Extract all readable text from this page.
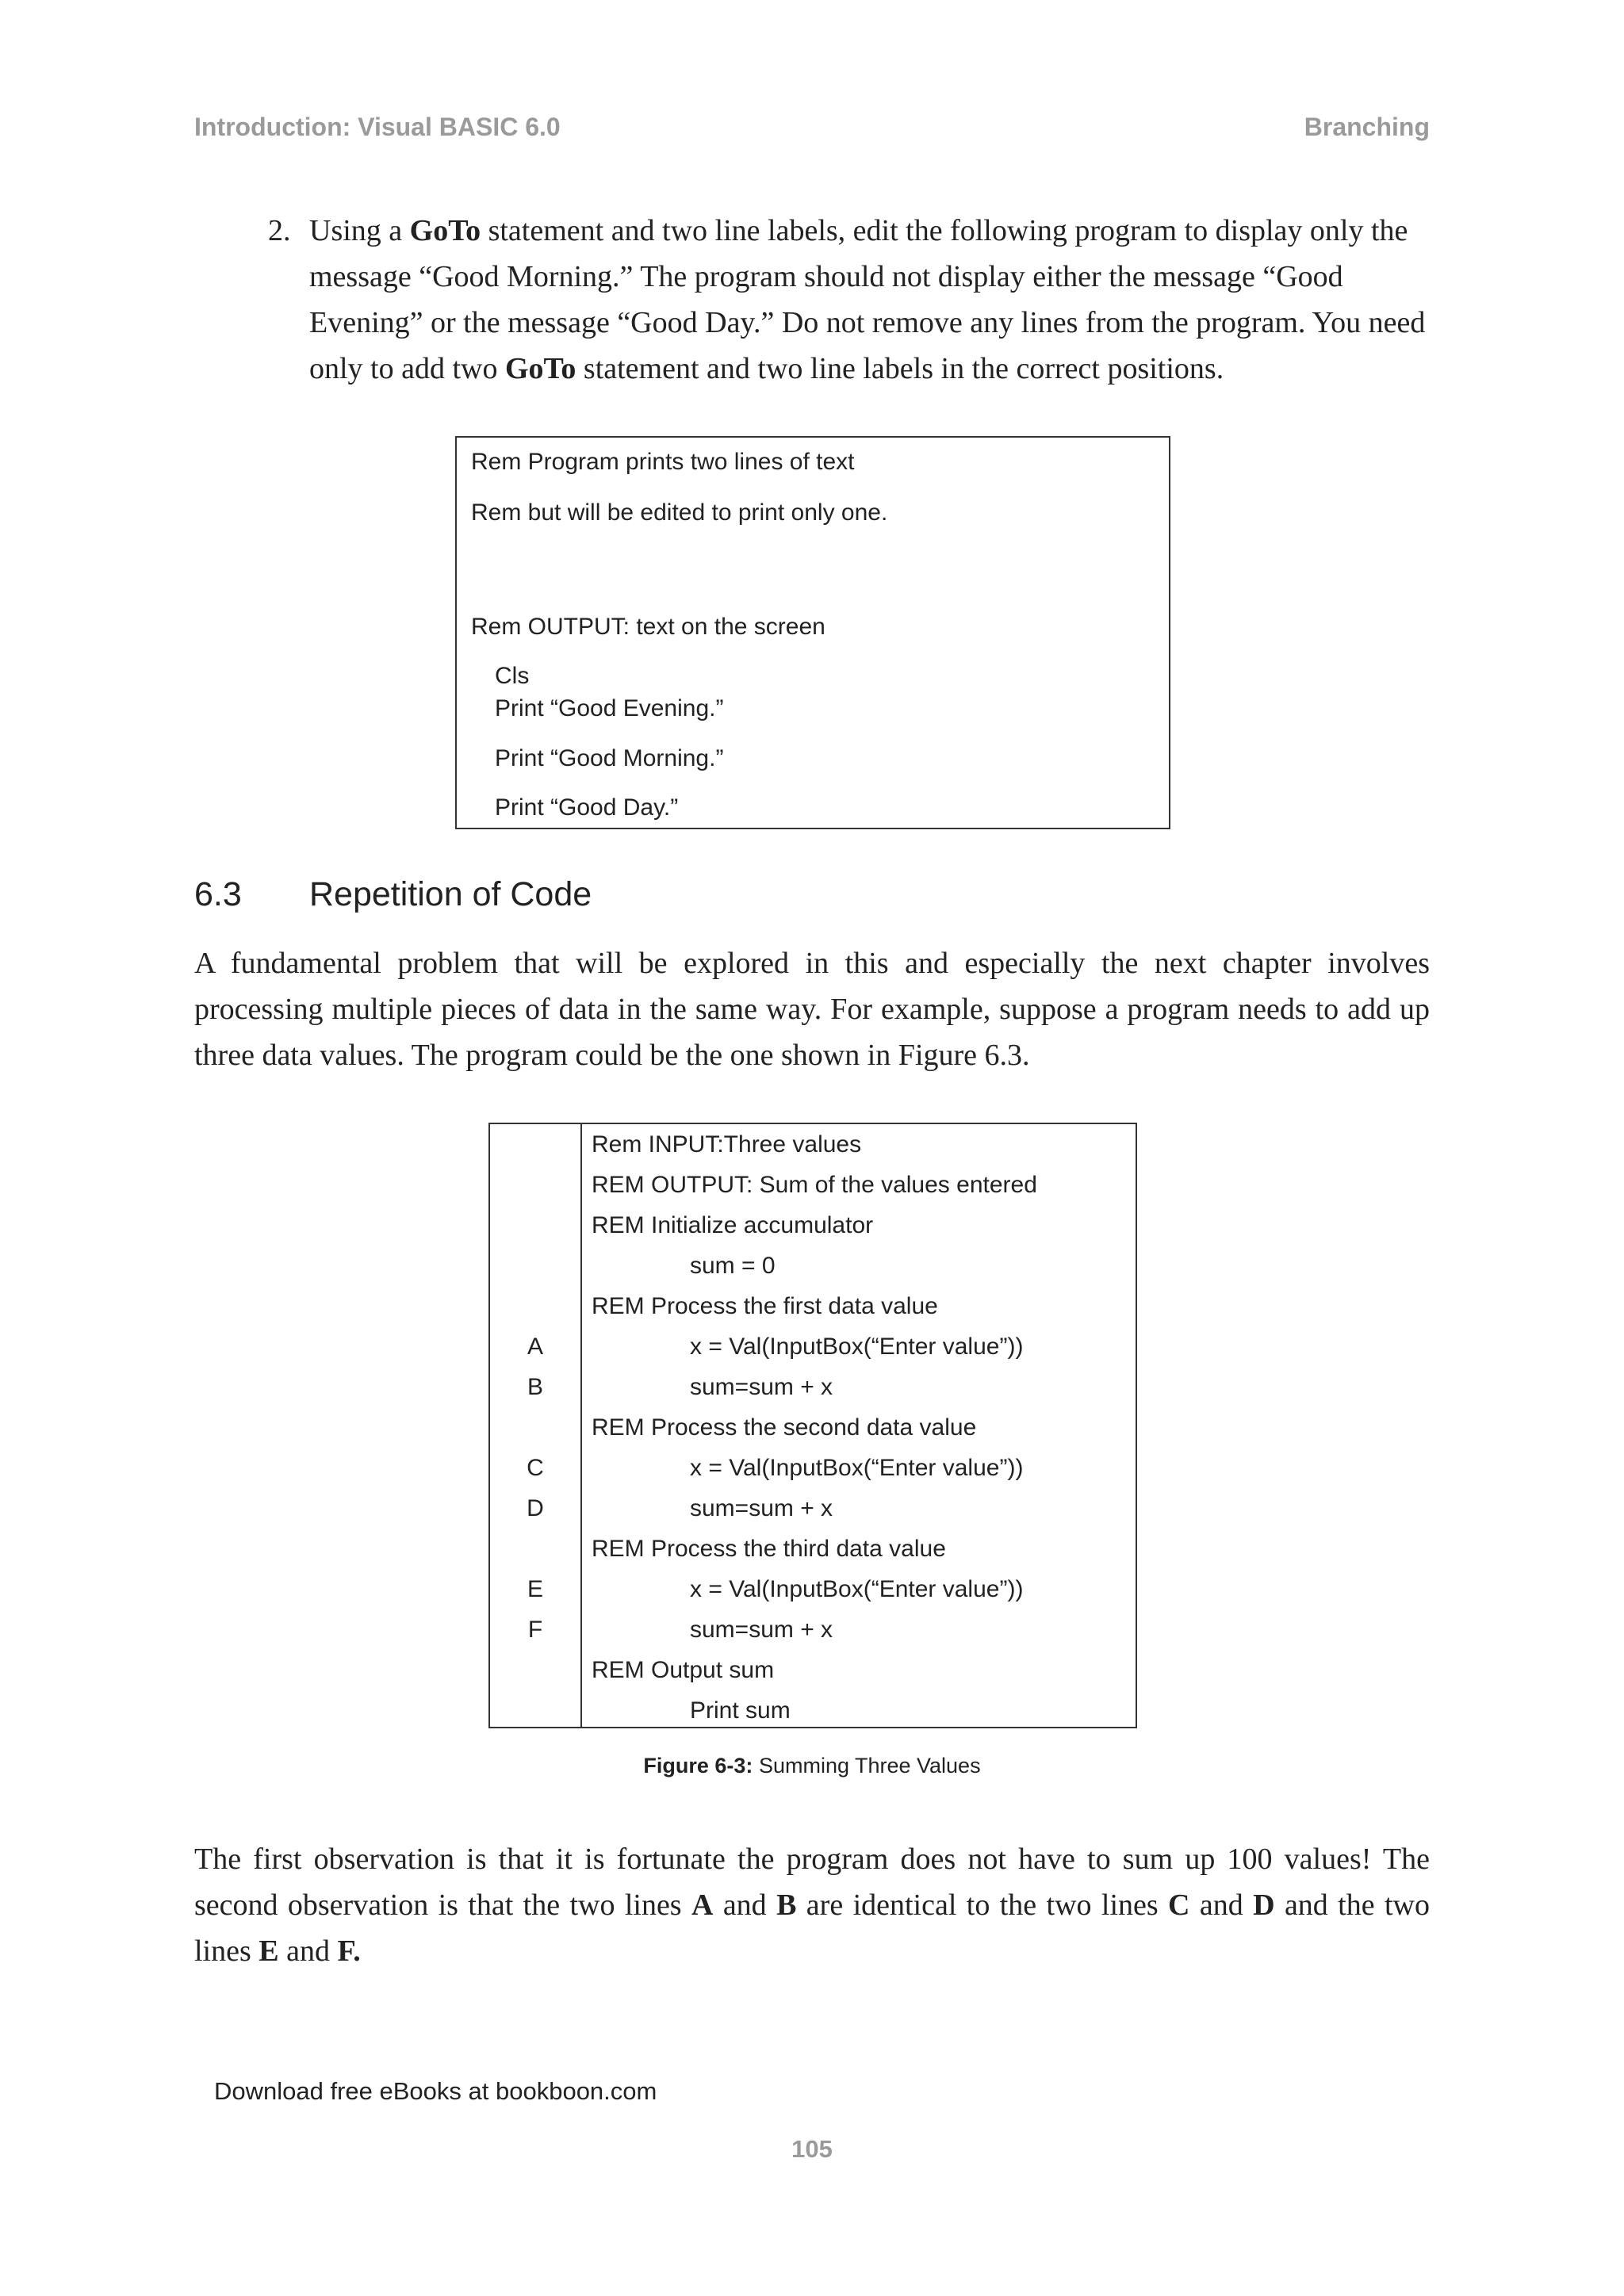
Introduction: Visual BASIC 6.0	Branching
2. Using a GoTo statement and two line labels, edit the following program to display only the message “Good Morning.” The program should not display either the message “Good Evening” or the message “Good Day.” Do not remove any lines from the program. You need only to add two GoTo statement and two line labels in the correct positions.
Rem Program prints two lines of text
Rem but will be edited to print only one.
Rem OUTPUT: text on the screen
Cls
Print “Good Evening.”
Print “Good Morning.”
Print “Good Day.”
6.3 Repetition of Code

A fundamental problem that will be explored in this and especially the next chapter involves processing multiple pieces of data in the same way. For example, suppose a program needs to add up three data values. The program could be the one shown in Figure 6.3.

Rem INPUT:Three values
REM OUTPUT: Sum of the values entered
REM Initialize accumulator
sum = 0
REM Process the first data value
A	x = Val(InputBox(“Enter value”))
B	sum=sum + x
REM Process the second data value
C	x = Val(InputBox(“Enter value”))
D	sum=sum + x
REM Process the third data value
E	x = Val(InputBox(“Enter value”))
F	sum=sum + x
REM Output sum
Print sum
Figure 6-3: Summing Three Values

The first observation is that it is fortunate the program does not have to sum up 100 values! The second observation is that the two lines A and B are identical to the two lines C and D and the two lines E and F.

Download free eBooks at bookboon.com
105
